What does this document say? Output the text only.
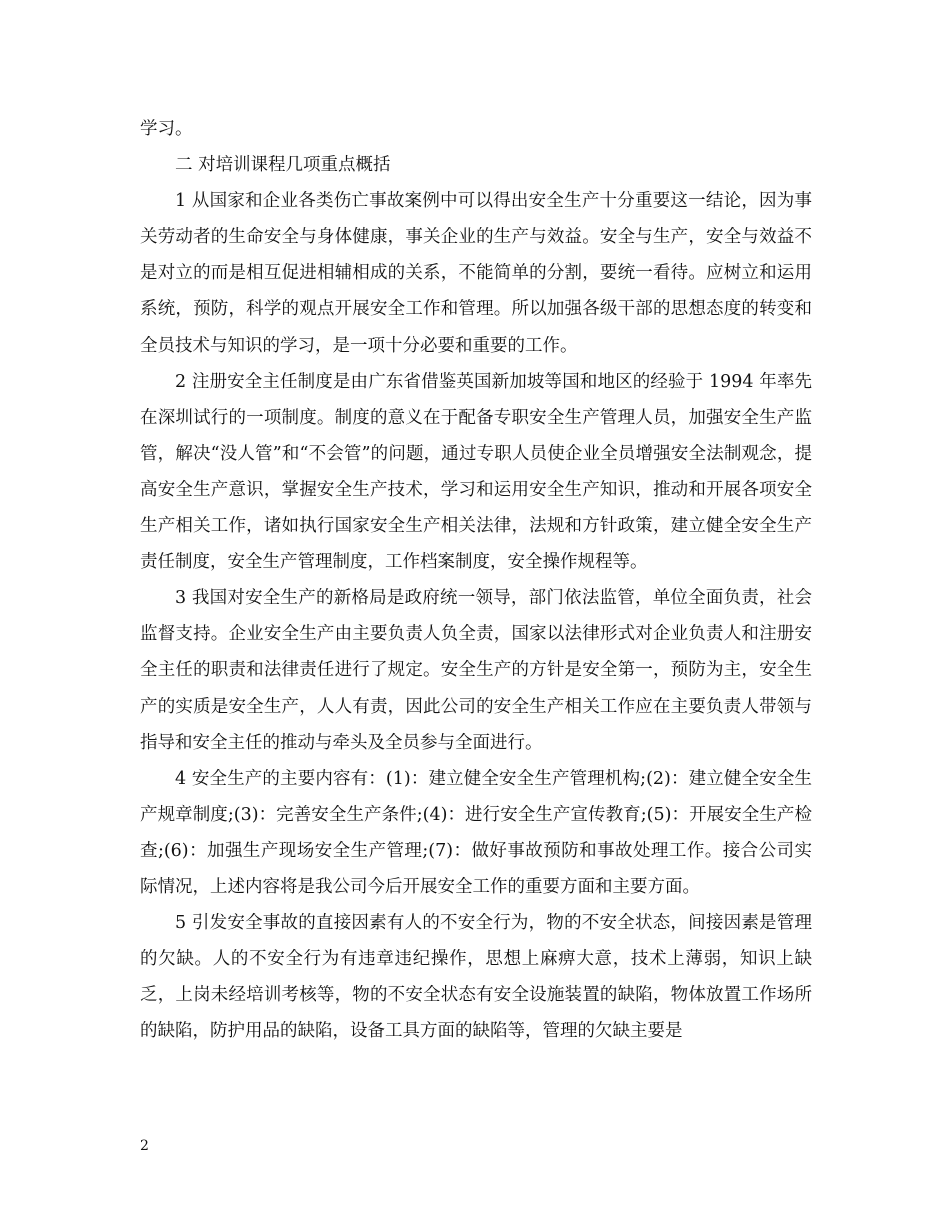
学习。

二 对培训课程几项重点概括

1 从国家和企业各类伤亡事故案例中可以得出安全生产十分重要这一结论，因为事关劳动者的生命安全与身体健康，事关企业的生产与效益。安全与生产，安全与效益不是对立的而是相互促进相辅相成的关系，不能简单的分割，要统一看待。应树立和运用系统，预防，科学的观点开展安全工作和管理。所以加强各级干部的思想态度的转变和全员技术与知识的学习，是一项十分必要和重要的工作。

2 注册安全主任制度是由广东省借鉴英国新加坡等国和地区的经验于 1994 年率先在深圳试行的一项制度。制度的意义在于配备专职安全生产管理人员，加强安全生产监管，解决“没人管”和“不会管”的问题，通过专职人员使企业全员增强安全法制观念，提高安全生产意识，掌握安全生产技术，学习和运用安全生产知识，推动和开展各项安全生产相关工作，诸如执行国家安全生产相关法律，法规和方针政策，建立健全安全生产责任制度，安全生产管理制度，工作档案制度，安全操作规程等。

3 我国对安全生产的新格局是政府统一领导，部门依法监管，单位全面负责，社会监督支持。企业安全生产由主要负责人负全责，国家以法律形式对企业负责人和注册安全主任的职责和法律责任进行了规定。安全生产的方针是安全第一，预防为主，安全生产的实质是安全生产，人人有责，因此公司的安全生产相关工作应在主要负责人带领与指导和安全主任的推动与牵头及全员参与全面进行。

4 安全生产的主要内容有：(1)：建立健全安全生产管理机构;(2)：建立健全安全生产规章制度;(3)：完善安全生产条件;(4)：进行安全生产宣传教育;(5)：开展安全生产检查;(6)：加强生产现场安全生产管理;(7)：做好事故预防和事故处理工作。接合公司实际情况，上述内容将是我公司今后开展安全工作的重要方面和主要方面。

5 引发安全事故的直接因素有人的不安全行为，物的不安全状态，间接因素是管理的欠缺。人的不安全行为有违章违纪操作，思想上麻痹大意，技术上薄弱，知识上缺乏，上岗未经培训考核等，物的不安全状态有安全设施装置的缺陷，物体放置工作场所的缺陷，防护用品的缺陷，设备工具方面的缺陷等，管理的欠缺主要是

2
